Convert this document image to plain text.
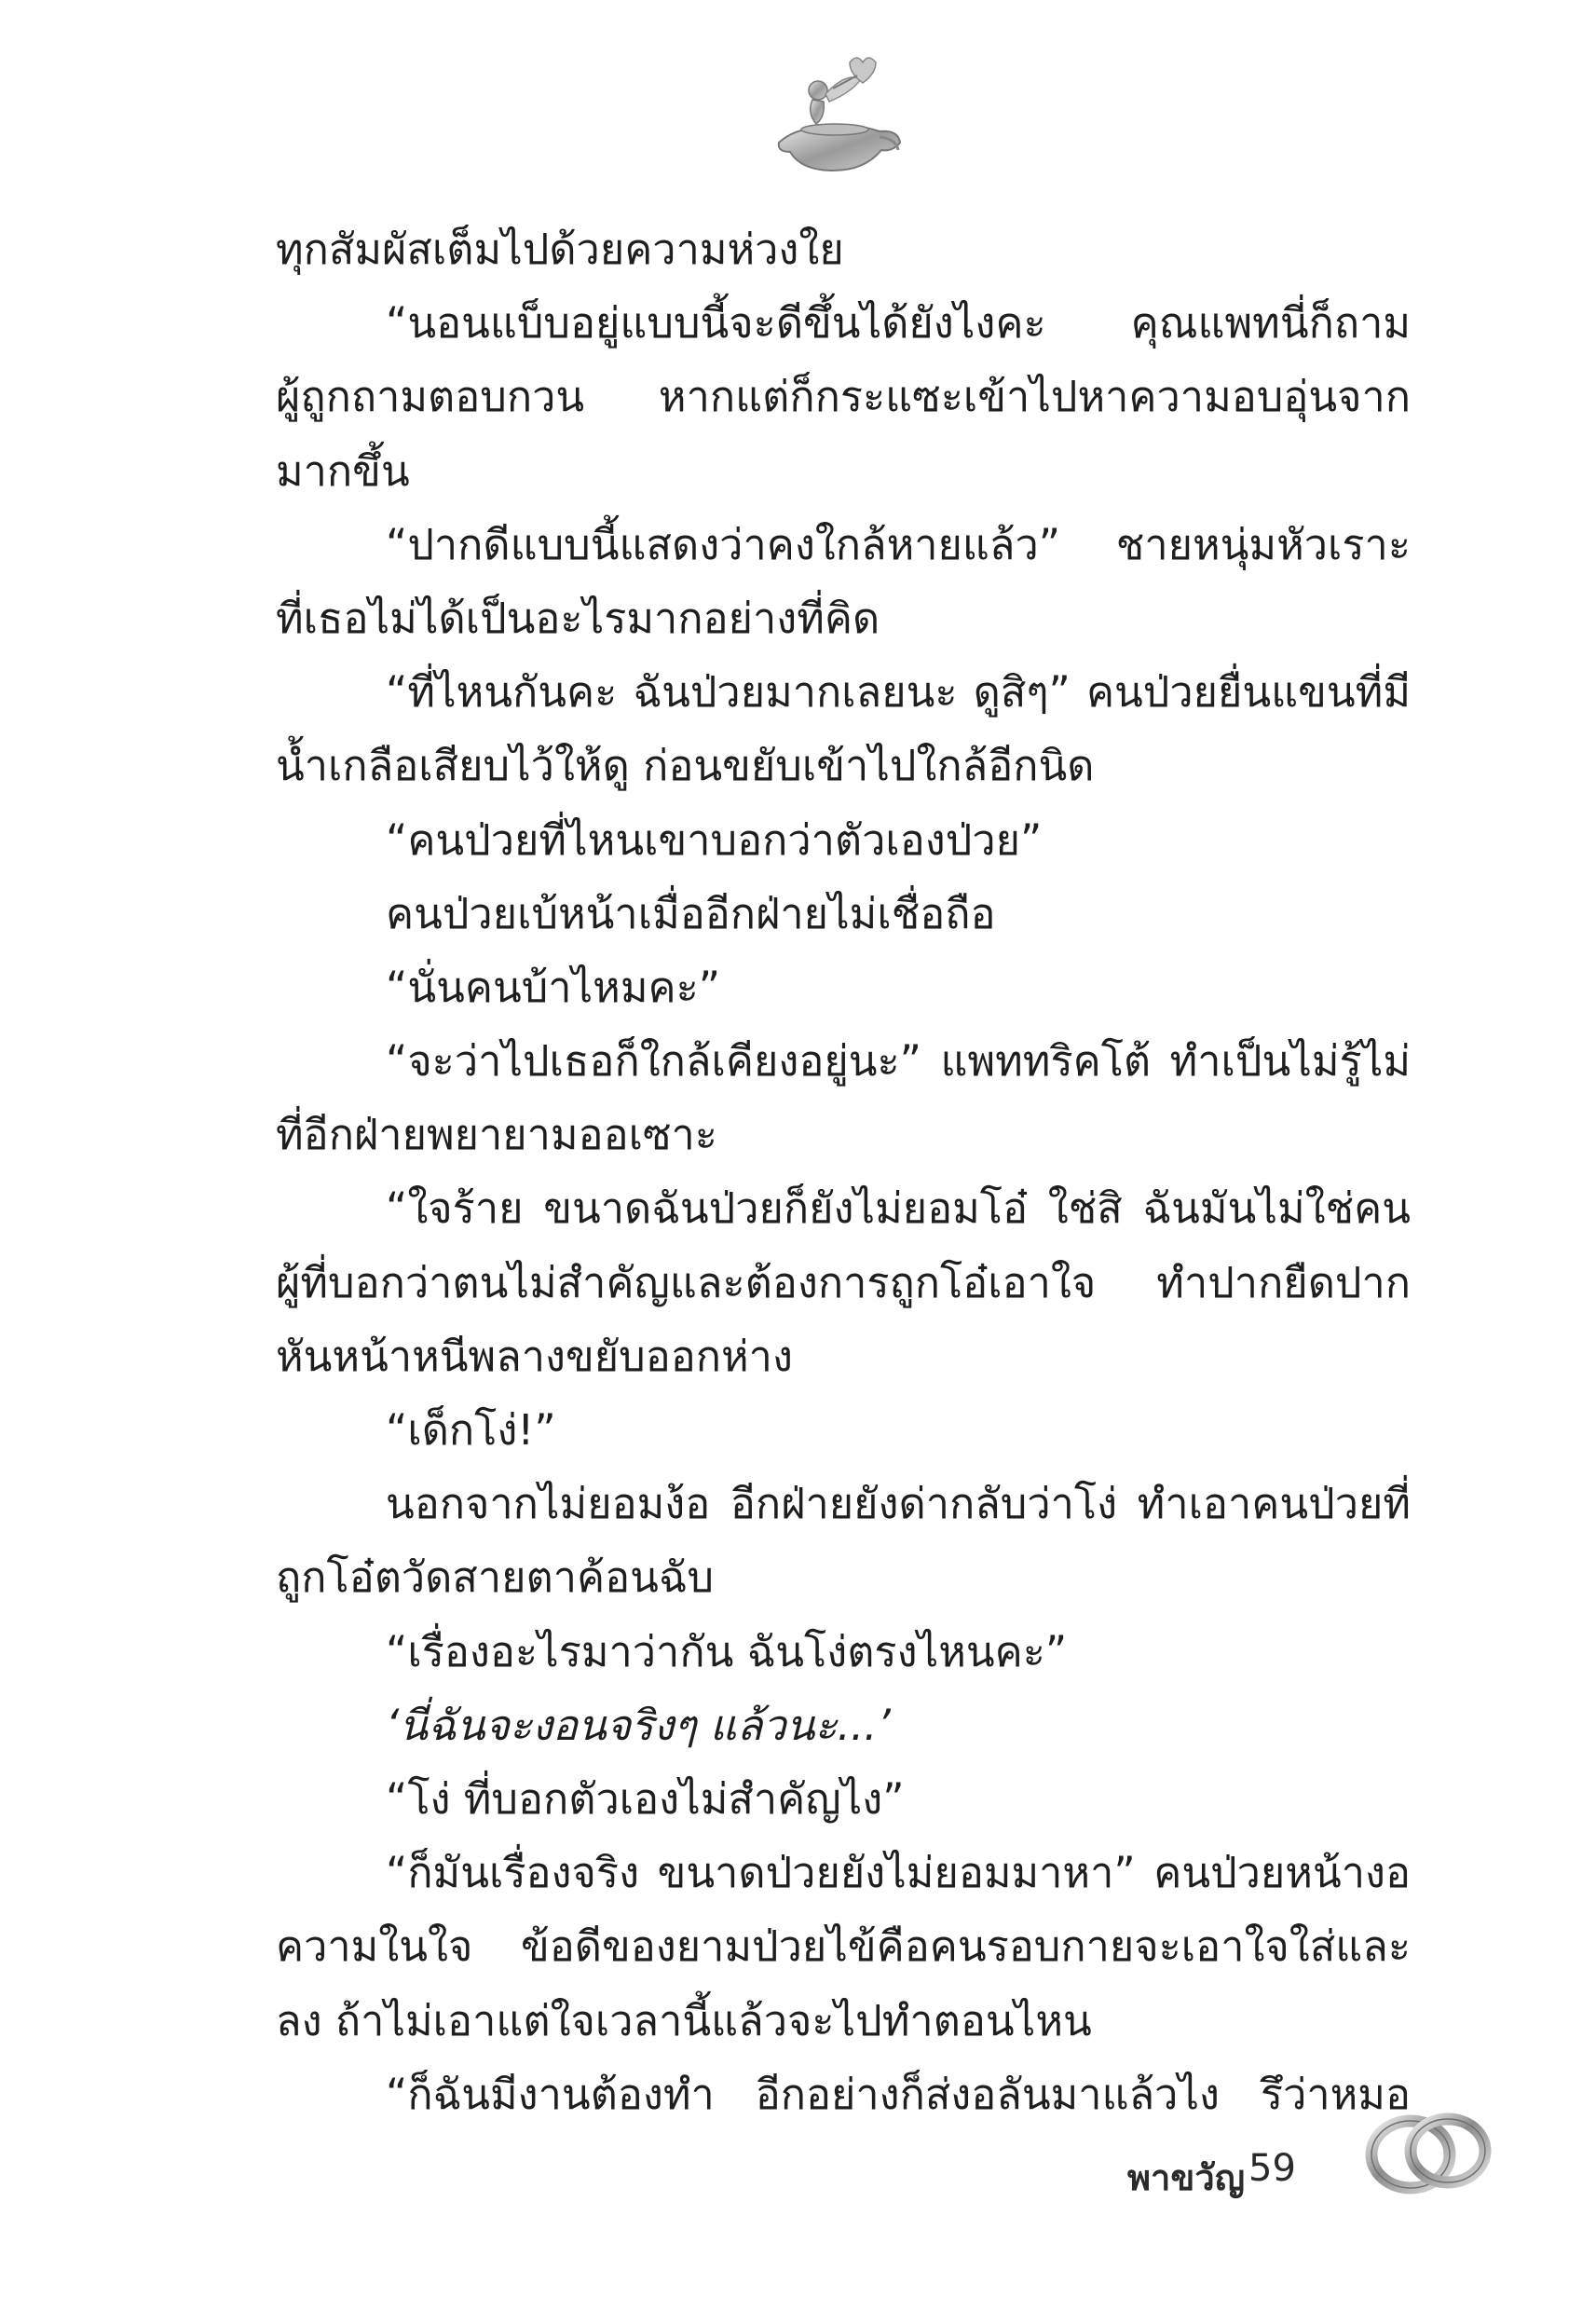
ทุกสัมผัสเต็มไปด้วยความห่วงใย
“นอนแบ็บอยู่แบบนี้จะดีขึ้นได้ยังไงคะ คุณแพทนี่ก็ถาม
ผู้ถูกถามตอบกวน หากแต่ก็กระแซะเข้าไปหาความอบอุ่นจาก
มากขึ้น
“ปากดีแบบนี้แสดงว่าคงใกล้หายแล้ว” ชายหนุ่มหัวเราะ
ที่เธอไม่ได้เป็นอะไรมากอย่างที่คิด
“ที่ไหนกันคะ ฉันป่วยมากเลยนะ ดูสิๆ” คนป่วยยื่นแขนที่มี
น้ำเกลือเสียบไว้ให้ดู ก่อนขยับเข้าไปใกล้อีกนิด
“คนป่วยที่ไหนเขาบอกว่าตัวเองป่วย”
คนป่วยเบ้หน้าเมื่ออีกฝ่ายไม่เชื่อถือ
“นั่นคนบ้าไหมคะ”
“จะว่าไปเธอก็ใกล้เคียงอยู่นะ” แพททริคโต้ ทำเป็นไม่รู้ไม่
ที่อีกฝ่ายพยายามออเซาะ
“ใจร้าย ขนาดฉันป่วยก็ยังไม่ยอมโอ๋ ใช่สิ ฉันมันไม่ใช่คน
ผู้ที่บอกว่าตนไม่สำคัญและต้องการถูกโอ๋เอาใจ ทำปากยืดปาก
หันหน้าหนีพลางขยับออกห่าง
“เด็กโง่!”
นอกจากไม่ยอมง้อ อีกฝ่ายยังด่ากลับว่าโง่ ทำเอาคนป่วยที่
ถูกโอ๋ตวัดสายตาค้อนฉับ
“เรื่องอะไรมาว่ากัน ฉันโง่ตรงไหนคะ”
‘นี่ฉันจะงอนจริงๆ แล้วนะ...’
“โง่ ที่บอกตัวเองไม่สำคัญไง”
“ก็มันเรื่องจริง ขนาดป่วยยังไม่ยอมมาหา” คนป่วยหน้างอ
ความในใจ ข้อดีของยามป่วยไข้คือคนรอบกายจะเอาใจใส่และ
ลง ถ้าไม่เอาแต่ใจเวลานี้แล้วจะไปทำตอนไหน
“ก็ฉันมีงานต้องทำ อีกอย่างก็ส่งอลันมาแล้วไง รึว่าหมอ
พาขวัญ 59
